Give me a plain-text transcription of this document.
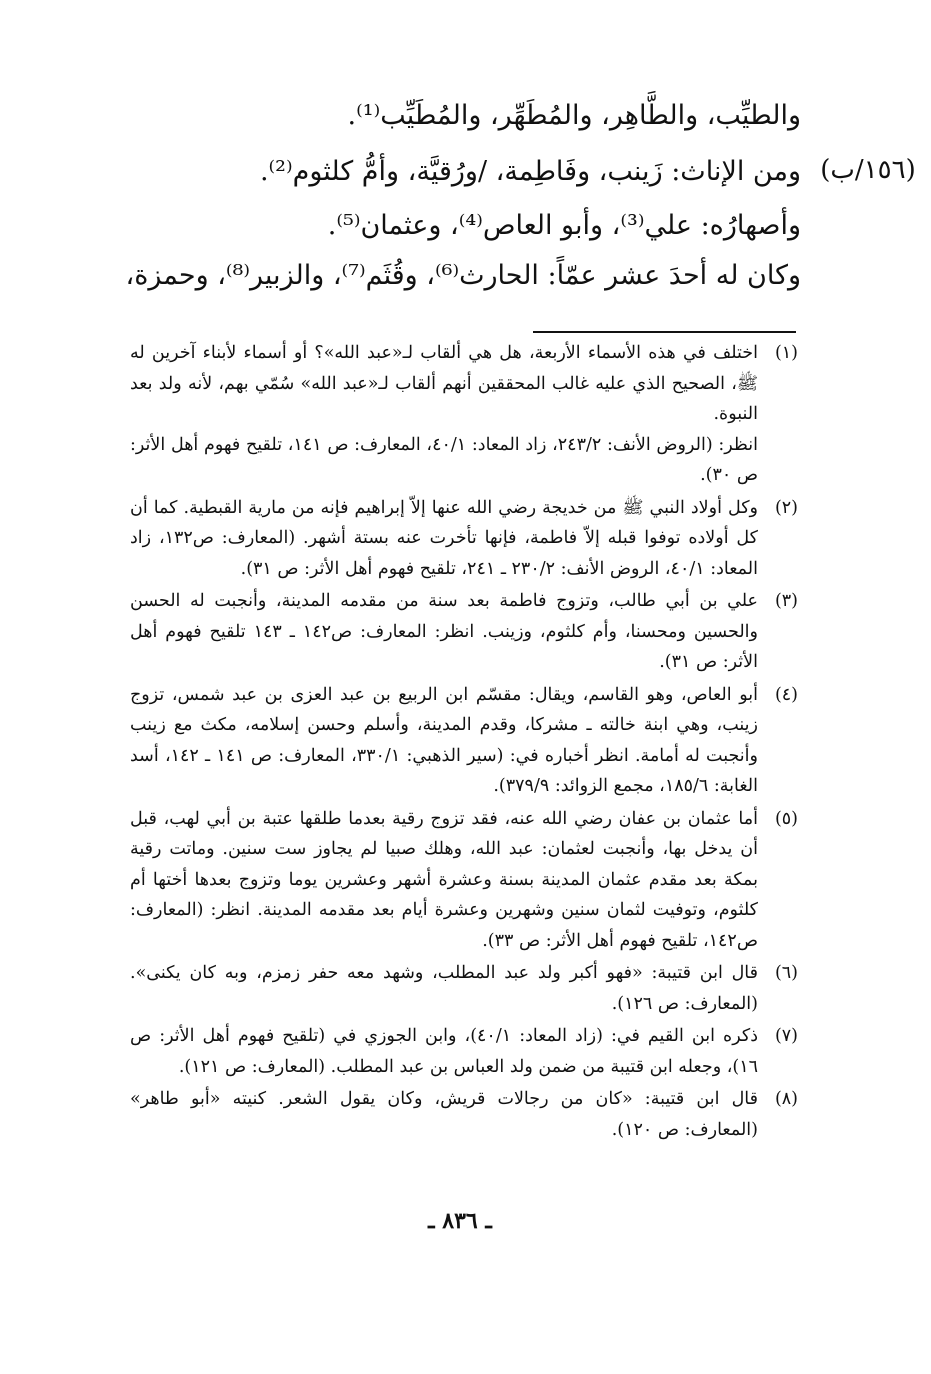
(١٥٦/ب)
والطيِّب، والطَّاهِر، والمُطَهِّر، والمُطَيِّب⁽¹⁾.
ومن الإناث: زَينب، وفَاطِمة، /ورُقيَّة، وأمُّ كلثوم⁽²⁾.
وأصهارُه: علي⁽³⁾، وأبو العاص⁽⁴⁾، وعثمان⁽⁵⁾.
وكان له أحدَ عشر عمّاً: الحارث⁽⁶⁾، وقُثَم⁽⁷⁾، والزبير⁽⁸⁾، وحمزة،
(١)

اختلف في هذه الأسماء الأربعة، هل هي ألقاب لـ«عبد الله»؟ أو أسماء لأبناء آخرين له ﷺ، الصحيح الذي عليه غالب المحققين أنهم ألقاب لـ«عبد الله» سُمّي بهم، لأنه ولد بعد النبوة.

انظر: (الروض الأنف: ٢٤٣/٢، زاد المعاد: ٤٠/١، المعارف: ص ١٤١، تلقيح فهوم أهل الأثر: ص ٣٠).

(٢)

وكل أولاد النبي ﷺ من خديجة رضي الله عنها إلاّ إبراهيم فإنه من مارية القبطية. كما أن كل أولاده توفوا قبله إلاّ فاطمة، فإنها تأخرت عنه بستة أشهر. (المعارف: ص١٣٢، زاد المعاد: ٤٠/١، الروض الأنف: ٢٣٠/٢ ـ ٢٤١، تلقيح فهوم أهل الأثر: ص ٣١).

(٣)

علي بن أبي طالب، وتزوج فاطمة بعد سنة من مقدمه المدينة، وأنجبت له الحسن والحسين ومحسنا، وأم كلثوم، وزينب. انظر: المعارف: ص١٤٢ ـ ١٤٣ تلقيح فهوم أهل الأثر: ص ٣١).

(٤)

أبو العاص، وهو القاسم، ويقال: مقسّم ابن الربيع بن عبد العزى بن عبد شمس، تزوج زينب، وهي ابنة خالته ـ مشركا، وقدم المدينة، وأسلم وحسن إسلامه، مكث مع زينب وأنجبت له أمامة. انظر أخباره في: (سير الذهبي: ٣٣٠/١، المعارف: ص ١٤١ ـ ١٤٢، أسد الغابة: ١٨٥/٦، مجمع الزوائد: ٣٧٩/٩).

(٥)

أما عثمان بن عفان رضي الله عنه، فقد تزوج رقية بعدما طلقها عتبة بن أبي لهب، قبل أن يدخل بها، وأنجبت لعثمان: عبد الله، وهلك صبيا لم يجاوز ست سنين. وماتت رقية بمكة بعد مقدم عثمان المدينة بسنة وعشرة أشهر وعشرين يوما وتزوج بعدها أختها أم كلثوم، وتوفيت لثمان سنين وشهرين وعشرة أيام بعد مقدمه المدينة. انظر: (المعارف: ص١٤٢، تلقيح فهوم أهل الأثر: ص ٣٣).

(٦)

قال ابن قتيبة: «فهو أكبر ولد عبد المطلب، وشهد معه حفر زمزم، وبه كان يكنى». (المعارف: ص ١٢٦).

(٧)

ذكره ابن القيم في: (زاد المعاد: ٤٠/١)، وابن الجوزي في (تلقيح فهوم أهل الأثر: ص ١٦)، وجعله ابن قتيبة من ضمن ولد العباس بن عبد المطلب. (المعارف: ص ١٢١).

(٨)

قال ابن قتيبة: «كان من رجالات قريش، وكان يقول الشعر. كنيته «أبو طاهر» (المعارف: ص ١٢٠).

ـ ٨٣٦ ـ
